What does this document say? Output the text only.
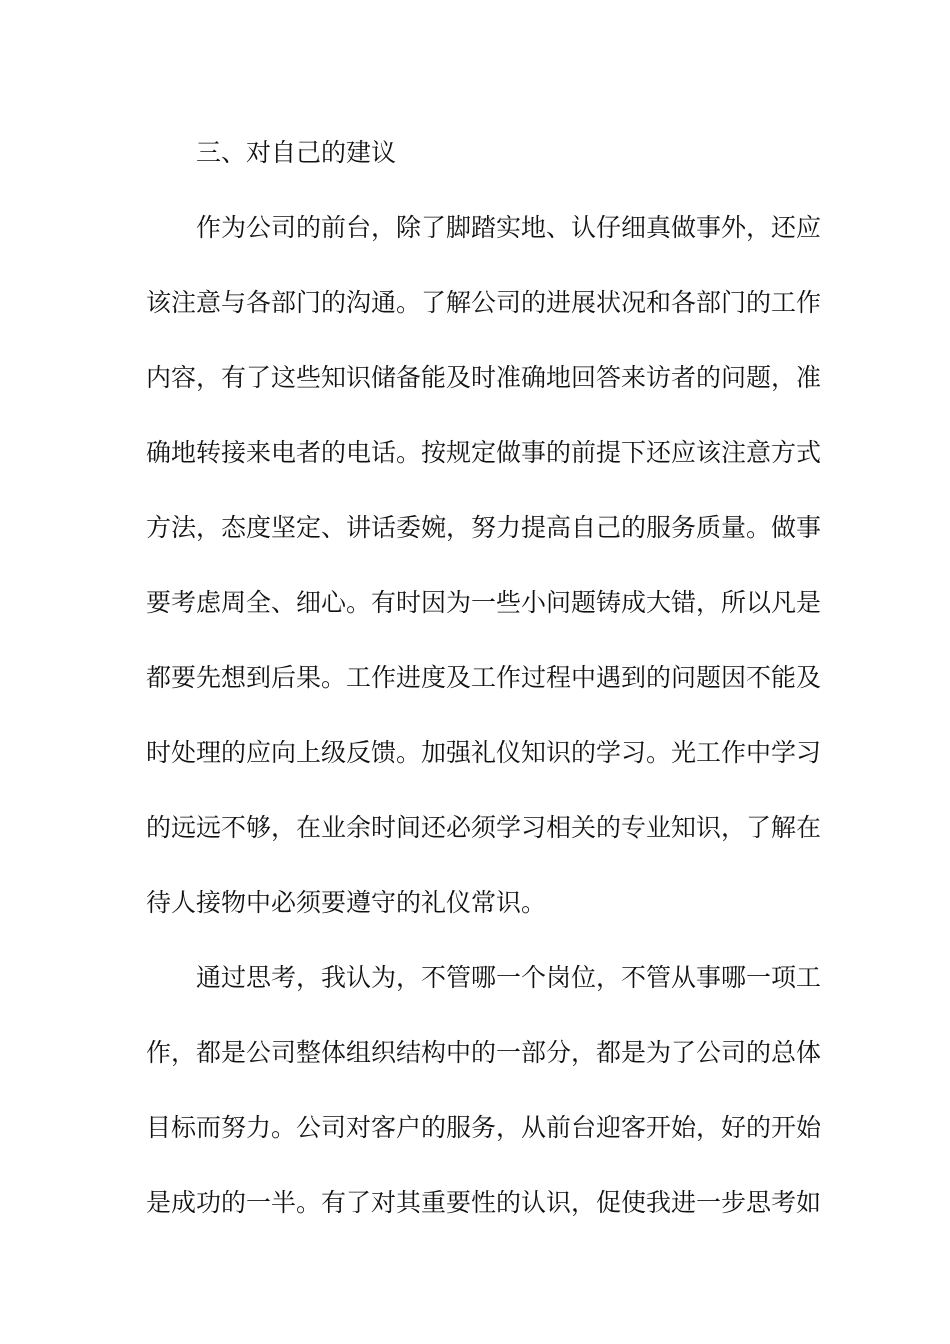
三、对自己的建议
作为公司的前台，除了脚踏实地、认仔细真做事外，还应
该注意与各部门的沟通。了解公司的进展状况和各部门的工作
内容，有了这些知识储备能及时准确地回答来访者的问题，准
确地转接来电者的电话。按规定做事的前提下还应该注意方式
方法，态度坚定、讲话委婉，努力提高自己的服务质量。做事
要考虑周全、细心。有时因为一些小问题铸成大错，所以凡是
都要先想到后果。工作进度及工作过程中遇到的问题因不能及
时处理的应向上级反馈。加强礼仪知识的学习。光工作中学习
的远远不够，在业余时间还必须学习相关的专业知识，了解在
待人接物中必须要遵守的礼仪常识。
通过思考，我认为，不管哪一个岗位，不管从事哪一项工
作，都是公司整体组织结构中的一部分，都是为了公司的总体
目标而努力。公司对客户的服务，从前台迎客开始，好的开始
是成功的一半。有了对其重要性的认识，促使我进一步思考如
